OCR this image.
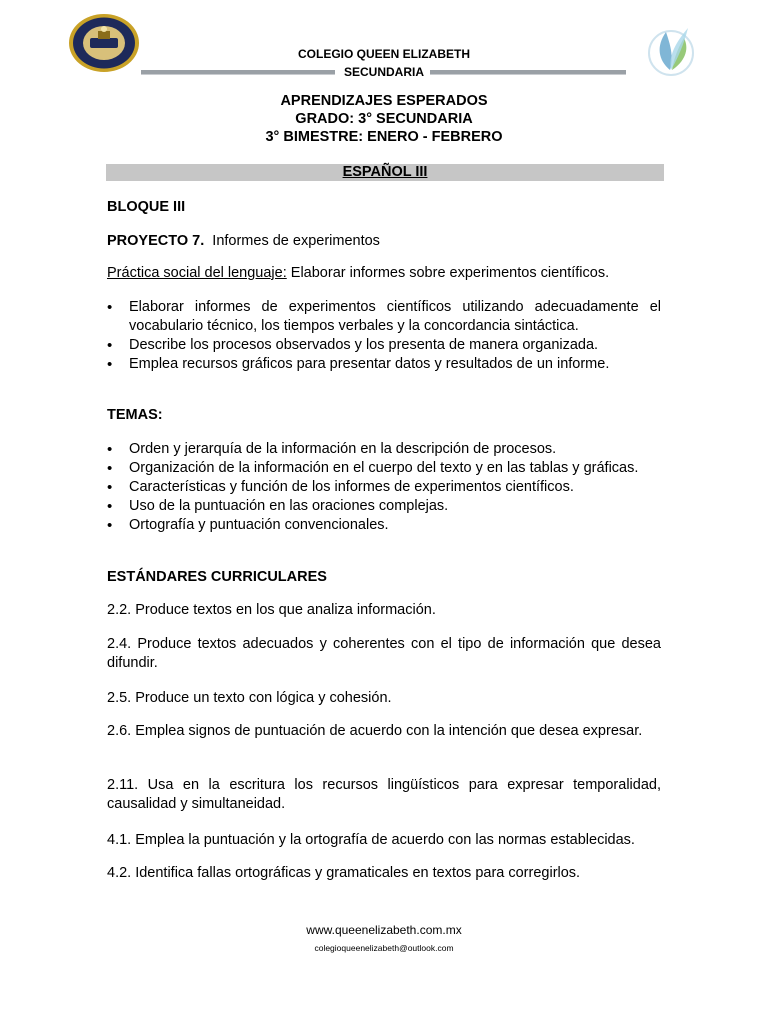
COLEGIO QUEEN ELIZABETH
SECUNDARIA
APRENDIZAJES ESPERADOS
GRADO: 3° SECUNDARIA
3° BIMESTRE: ENERO - FEBRERO
ESPAÑOL III
BLOQUE III
PROYECTO 7. Informes de experimentos
Práctica social del lenguaje: Elaborar informes sobre experimentos científicos.
• Elaborar informes de experimentos científicos utilizando adecuadamente el vocabulario técnico, los tiempos verbales y la concordancia sintáctica.
• Describe los procesos observados y los presenta de manera organizada.
• Emplea recursos gráficos para presentar datos y resultados de un informe.
TEMAS:
• Orden y jerarquía de la información en la descripción de procesos.
• Organización de la información en el cuerpo del texto y en las tablas y gráficas.
• Características y función de los informes de experimentos científicos.
• Uso de la puntuación en las oraciones complejas.
• Ortografía y puntuación convencionales.
ESTÁNDARES CURRICULARES
2.2. Produce textos en los que analiza información.
2.4. Produce textos adecuados y coherentes con el tipo de información que desea difundir.
2.5. Produce un texto con lógica y cohesión.
2.6. Emplea signos de puntuación de acuerdo con la intención que desea expresar.
2.11. Usa en la escritura los recursos lingüísticos para expresar temporalidad, causalidad y simultaneidad.
4.1. Emplea la puntuación y la ortografía de acuerdo con las normas establecidas.
4.2. Identifica fallas ortográficas y gramaticales en textos para corregirlos.
www.queenelizabeth.com.mx
colegioqueenelizabeth@outlook.com
